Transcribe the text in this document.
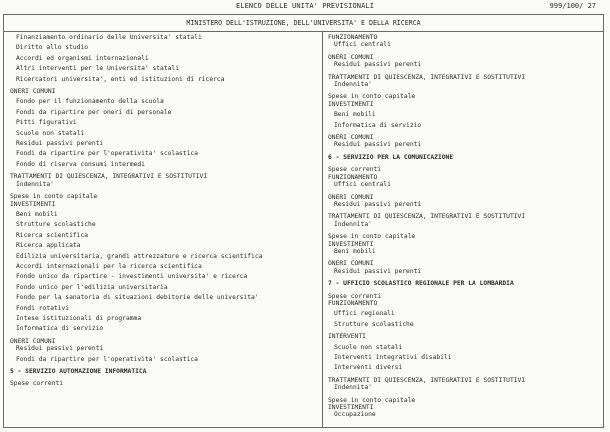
ELENCO DELLE UNITA' PREVISIONALI	999/100/ 27
MINISTERO DELL'ISTRUZIONE, DELL'UNIVERSITA' E DELLA RICERCA
Finanziamento ordinario delle Universita' statali
Diritto allo studio
Accordi ed organismi internazionali
Altri interventi per le Universita' statali
Ricercatori universita', enti ed istituzioni di ricerca
ONERI COMUNI
Fondo per il funzionamento della scuola
Fondi da ripartire per oneri di personale
Pitti figurativi
Scuole non statali
Residui passivi perenti
Fondi da ripartire per l'operativita' scolastica
Fondo di riserva consumi intermedi
TRATTAMENTI DI QUIESCENZA, INTEGRATIVI E SOSTITUTIVI
Indennita'
Spese in conto capitale
INVESTIMENTI
Beni mobili
Strutture scolastiche
Ricerca scientifica
Ricerca applicata
Edilizia universitaria, grandi attrezzature e ricerca scientifica
Accordi internazionali per la ricerca scientifica
Fondo unico da ripartire - investimenti universita' e ricerca
Fondo unico per l'edilizia universitaria
Fondo per la sanatoria di situazioni debitorie delle universita'
Fondi rotativi
Intese istituzionali di programma
Informatica di servizio
ONERI COMUNI
Residui passivi perenti
Fondi da ripartire per l'operativita' scolastica
5 - SERVIZIO AUTOMAZIONE INFORMATICA
Spese correnti
FUNZIONAMENTO
Uffici centrali
ONERI COMUNI
Residui passivi perenti
TRATTAMENTI DI QUIESCENZA, INTEGRATIVI E SOSTITUTIVI
Indennita'
Spese in conto capitale
INVESTIMENTI
Beni mobili
Informatica di servizio
ONERI COMUNI
Residui passivi perenti
6 - SERVIZIO PER LA COMUNICAZIONE
Spese correnti
FUNZIONAMENTO
Uffici centrali
ONERI COMUNI
Residui passivi perenti
TRATTAMENTI DI QUIESCENZA, INTEGRATIVI E SOSTITUTIVI
Indennita'
Spese in conto capitale
INVESTIMENTI
Beni mobili
ONERI COMUNI
Residui passivi perenti
7 - UFFICIO SCOLASTICO REGIONALE PER LA LOMBARDIA
Spese correnti
FUNZIONAMENTO
Uffici regionali
Strutture scolastiche
INTERVENTI
Scuole non statali
Interventi integrativi disabili
Interventi diversi
TRATTAMENTI DI QUIESCENZA, INTEGRATIVI E SOSTITUTIVI
Indennita'
Spese in conto capitale
INVESTIMENTI
Occupazione
